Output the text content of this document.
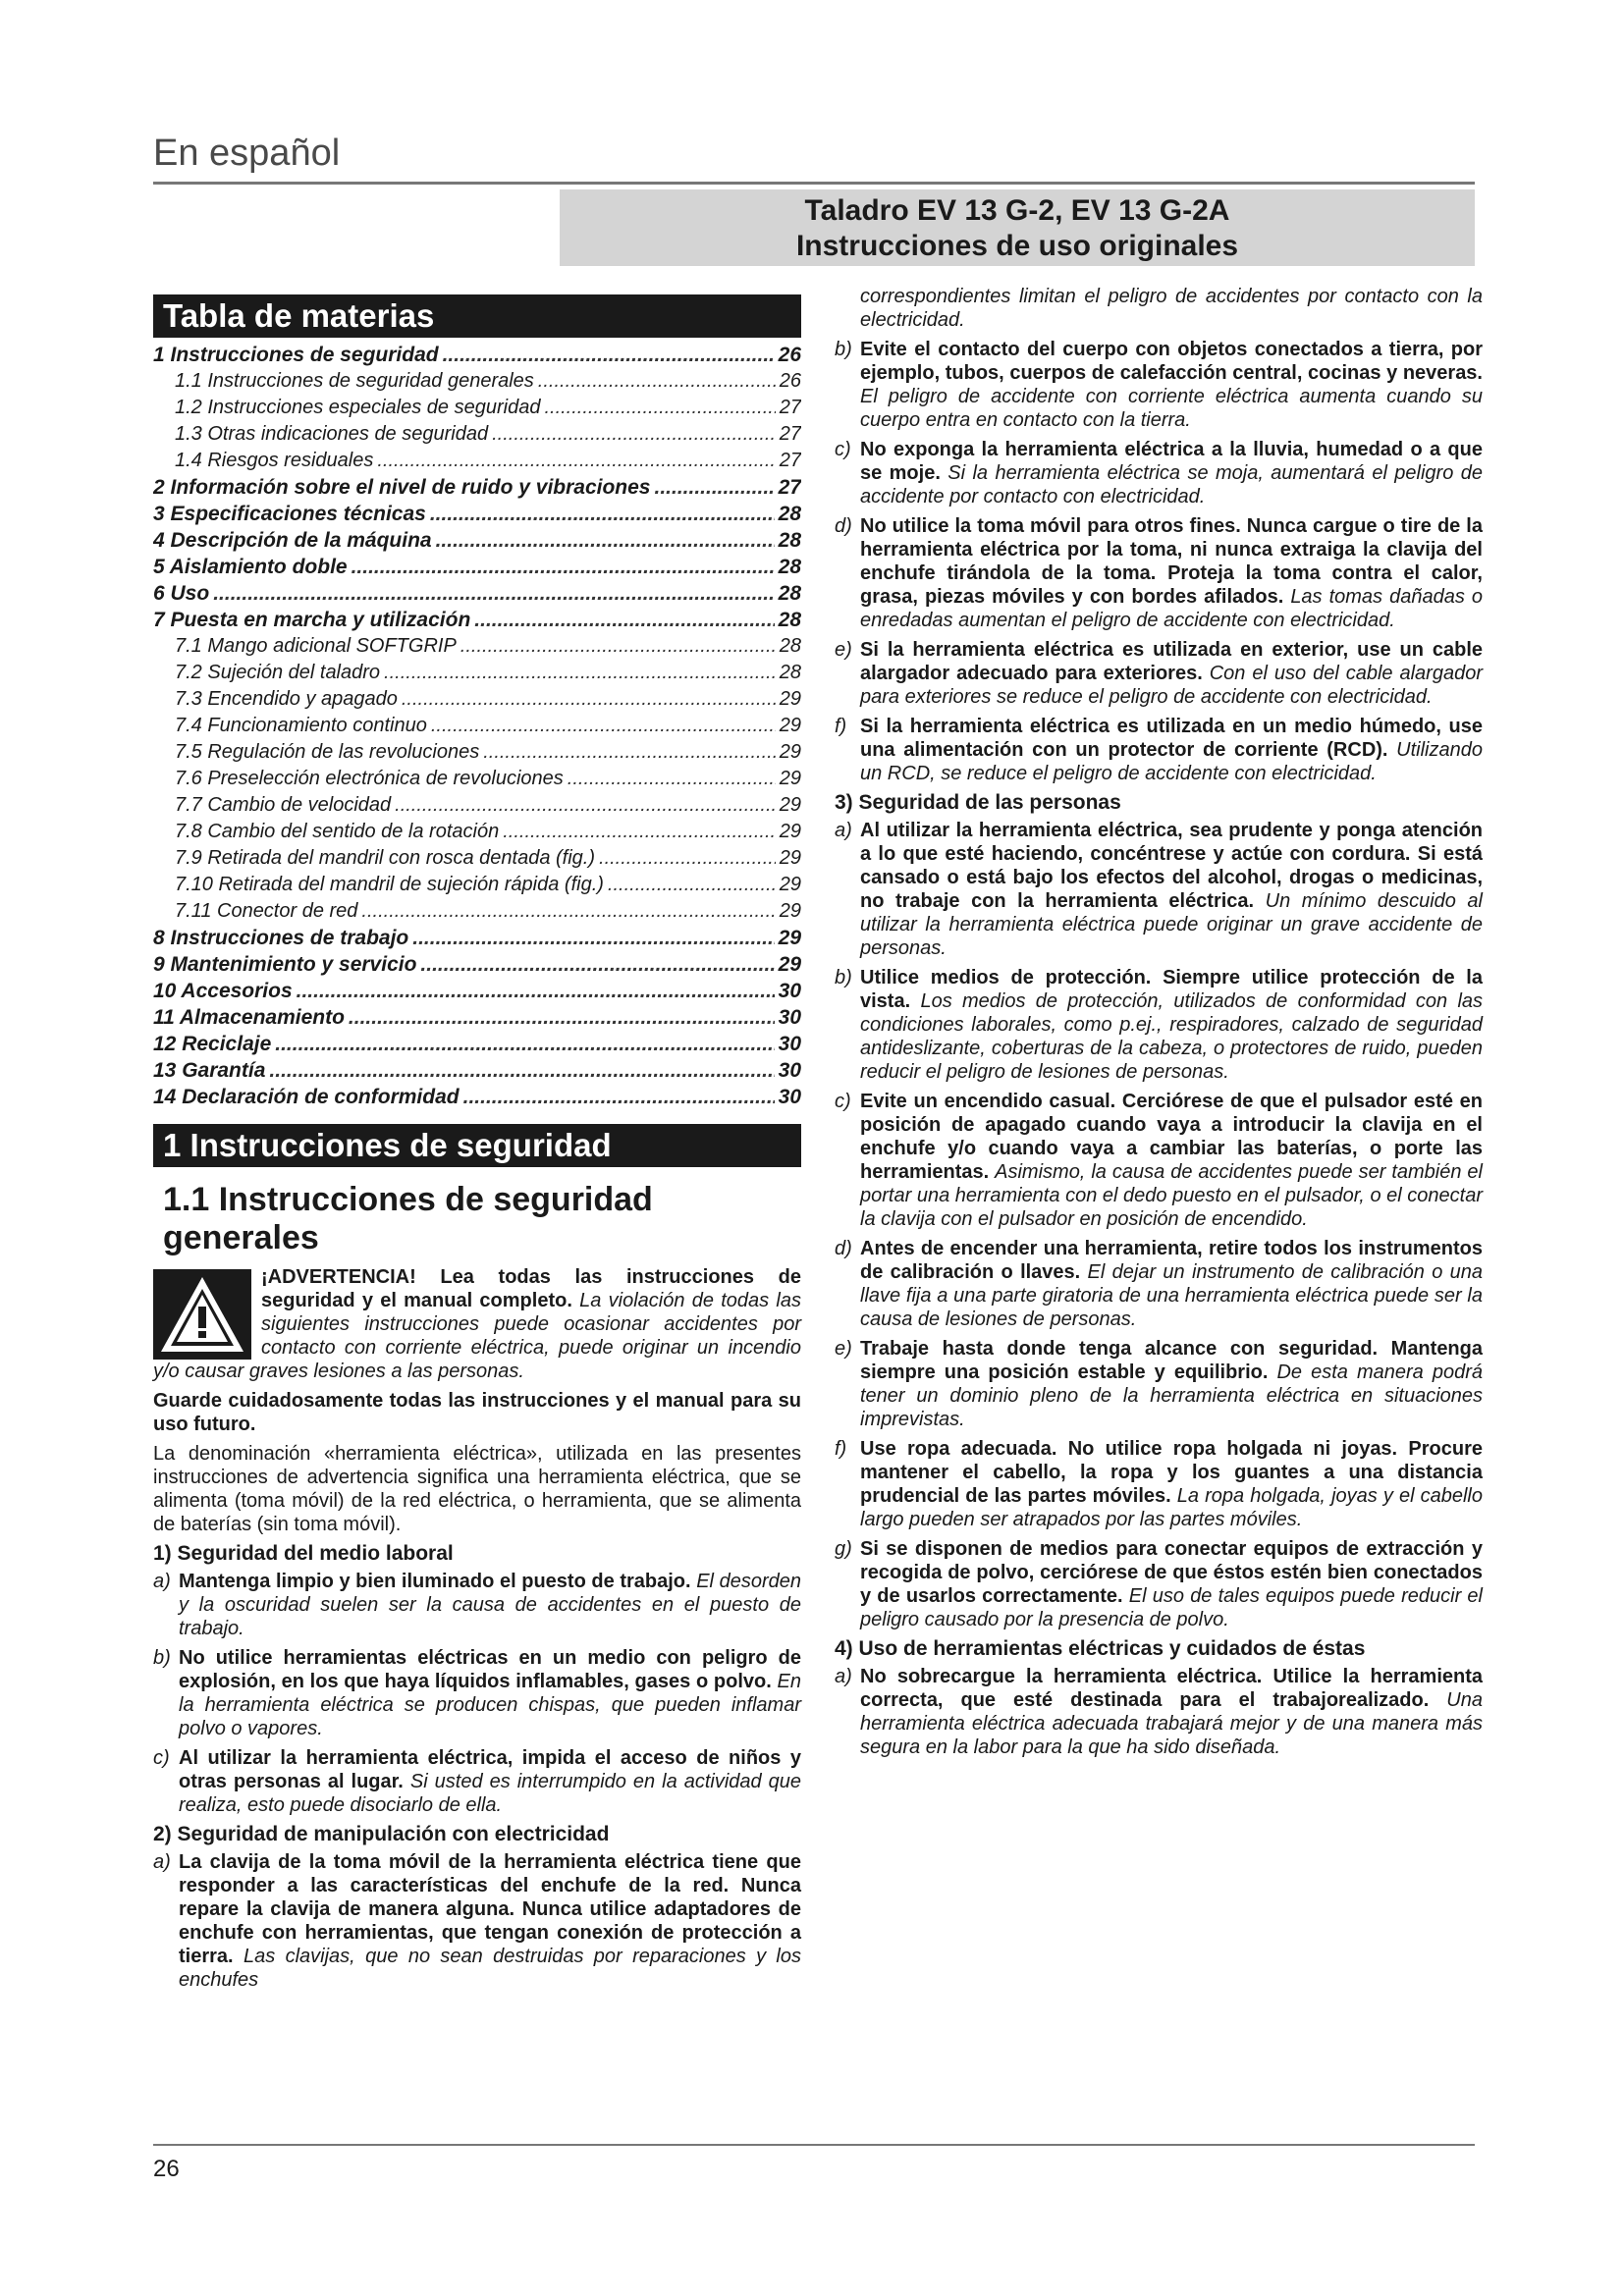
En español
Taladro EV 13 G-2, EV 13 G-2A
Instrucciones de uso originales
Tabla de materias
1 Instrucciones de seguridad .....	26
1.1 Instrucciones de seguridad generales .....	26
1.2 Instrucciones especiales de seguridad .....	27
1.3 Otras indicaciones de seguridad .....	27
1.4 Riesgos residuales .....	27
2 Información sobre el nivel de ruido y vibraciones .....	27
3 Especificaciones técnicas .....	28
4 Descripción de la máquina .....	28
5 Aislamiento doble .....	28
6 Uso .....	28
7 Puesta en marcha y utilización .....	28
7.1 Mango adicional SOFTGRIP .....	28
7.2 Sujeción del taladro .....	28
7.3 Encendido y apagado .....	29
7.4 Funcionamiento continuo .....	29
7.5 Regulación de las revoluciones .....	29
7.6 Preselección electrónica de revoluciones .....	29
7.7 Cambio de velocidad .....	29
7.8 Cambio del sentido de la rotación .....	29
7.9 Retirada del mandril con rosca dentada (fig.) .....	29
7.10 Retirada del mandril de sujeción rápida (fig.) .....	29
7.11 Conector de red .....	29
8 Instrucciones de trabajo .....	29
9 Mantenimiento y servicio .....	29
10 Accesorios .....	30
11 Almacenamiento .....	30
12 Reciclaje .....	30
13 Garantía .....	30
14 Declaración de conformidad .....	30
1 Instrucciones de seguridad
1.1 Instrucciones de seguridad generales

¡ADVERTENCIA! Lea todas las instrucciones de seguridad y el manual completo. La violación de todas las siguientes instrucciones puede ocasionar accidentes por contacto con corriente eléctrica, puede originar un incendio y/o causar graves lesiones a las personas.

Guarde cuidadosamente todas las instrucciones y el manual para su uso futuro.

La denominación «herramienta eléctrica», utilizada en las presentes instrucciones de advertencia significa una herramienta eléctrica, que se alimenta (toma móvil) de la red eléctrica, o herramienta, que se alimenta de baterías (sin toma móvil).

1) Seguridad del medio laboral
a) Mantenga limpio y bien iluminado el puesto de trabajo. El desorden y la oscuridad suelen ser la causa de accidentes en el puesto de trabajo.
b) No utilice herramientas eléctricas en un medio con peligro de explosión, en los que haya líquidos inflamables, gases o polvo. En la herramienta eléctrica se producen chispas, que pueden inflamar polvo o vapores.
c) Al utilizar la herramienta eléctrica, impida el acceso de niños y otras personas al lugar. Si usted es interrumpido en la actividad que realiza, esto puede disociarlo de ella.
2) Seguridad de manipulación con electricidad
a) La clavija de la toma móvil de la herramienta eléctrica tiene que responder a las características del enchufe de la red. Nunca repare la clavija de manera alguna. Nunca utilice adaptadores de enchufe con herramientas, que tengan conexión de protección a tierra. Las clavijas, que no sean destruidas por reparaciones y los enchufes
correspondientes limitan el peligro de accidentes por contacto con la electricidad.
b) Evite el contacto del cuerpo con objetos conectados a tierra, por ejemplo, tubos, cuerpos de calefacción central, cocinas y neveras. El peligro de accidente con corriente eléctrica aumenta cuando su cuerpo entra en contacto con la tierra.
c) No exponga la herramienta eléctrica a la lluvia, humedad o a que se moje. Si la herramienta eléctrica se moja, aumentará el peligro de accidente por contacto con electricidad.
d) No utilice la toma móvil para otros fines. Nunca cargue o tire de la herramienta eléctrica por la toma, ni nunca extraiga la clavija del enchufe tirándola de la toma. Proteja la toma contra el calor, grasa, piezas móviles y con bordes afilados. Las tomas dañadas o enredadas aumentan el peligro de accidente con electricidad.
e) Si la herramienta eléctrica es utilizada en exterior, use un cable alargador adecuado para exteriores. Con el uso del cable alargador para exteriores se reduce el peligro de accidente con electricidad.
f) Si la herramienta eléctrica es utilizada en un medio húmedo, use una alimentación con un protector de corriente (RCD). Utilizando un RCD, se reduce el peligro de accidente con electricidad.
3) Seguridad de las personas
a) Al utilizar la herramienta eléctrica, sea prudente y ponga atención a lo que esté haciendo, concéntrese y actúe con cordura. Si está cansado o está bajo los efectos del alcohol, drogas o medicinas, no trabaje con la herramienta eléctrica. Un mínimo descuido al utilizar la herramienta eléctrica puede originar un grave accidente de personas.
b) Utilice medios de protección. Siempre utilice protección de la vista. Los medios de protección, utilizados de conformidad con las condiciones laborales, como p.ej., respiradores, calzado de seguridad antideslizante, coberturas de la cabeza, o protectores de ruido, pueden reducir el peligro de lesiones de personas.
c) Evite un encendido casual. Cerciórese de que el pulsador esté en posición de apagado cuando vaya a introducir la clavija en el enchufe y/o cuando vaya a cambiar las baterías, o porte las herramientas. Asimismo, la causa de accidentes puede ser también el portar una herramienta con el dedo puesto en el pulsador, o el conectar la clavija con el pulsador en posición de encendido.
d) Antes de encender una herramienta, retire todos los instrumentos de calibración o llaves. El dejar un instrumento de calibración o una llave fija a una parte giratoria de una herramienta eléctrica puede ser la causa de lesiones de personas.
e) Trabaje hasta donde tenga alcance con seguridad. Mantenga siempre una posición estable y equilibrio. De esta manera podrá tener un dominio pleno de la herramienta eléctrica en situaciones imprevistas.
f) Use ropa adecuada. No utilice ropa holgada ni joyas. Procure mantener el cabello, la ropa y los guantes a una distancia prudencial de las partes móviles. La ropa holgada, joyas y el cabello largo pueden ser atrapados por las partes móviles.
g) Si se disponen de medios para conectar equipos de extracción y recogida de polvo, cerciórese de que éstos estén bien conectados y de usarlos correctamente. El uso de tales equipos puede reducir el peligro causado por la presencia de polvo.
4) Uso de herramientas eléctricas y cuidados de éstas
a) No sobrecargue la herramienta eléctrica. Utilice la herramienta correcta, que esté destinada para el trabajorealizado. Una herramienta eléctrica adecuada trabajará mejor y de una manera más segura en la labor para la que ha sido diseñada.
26
